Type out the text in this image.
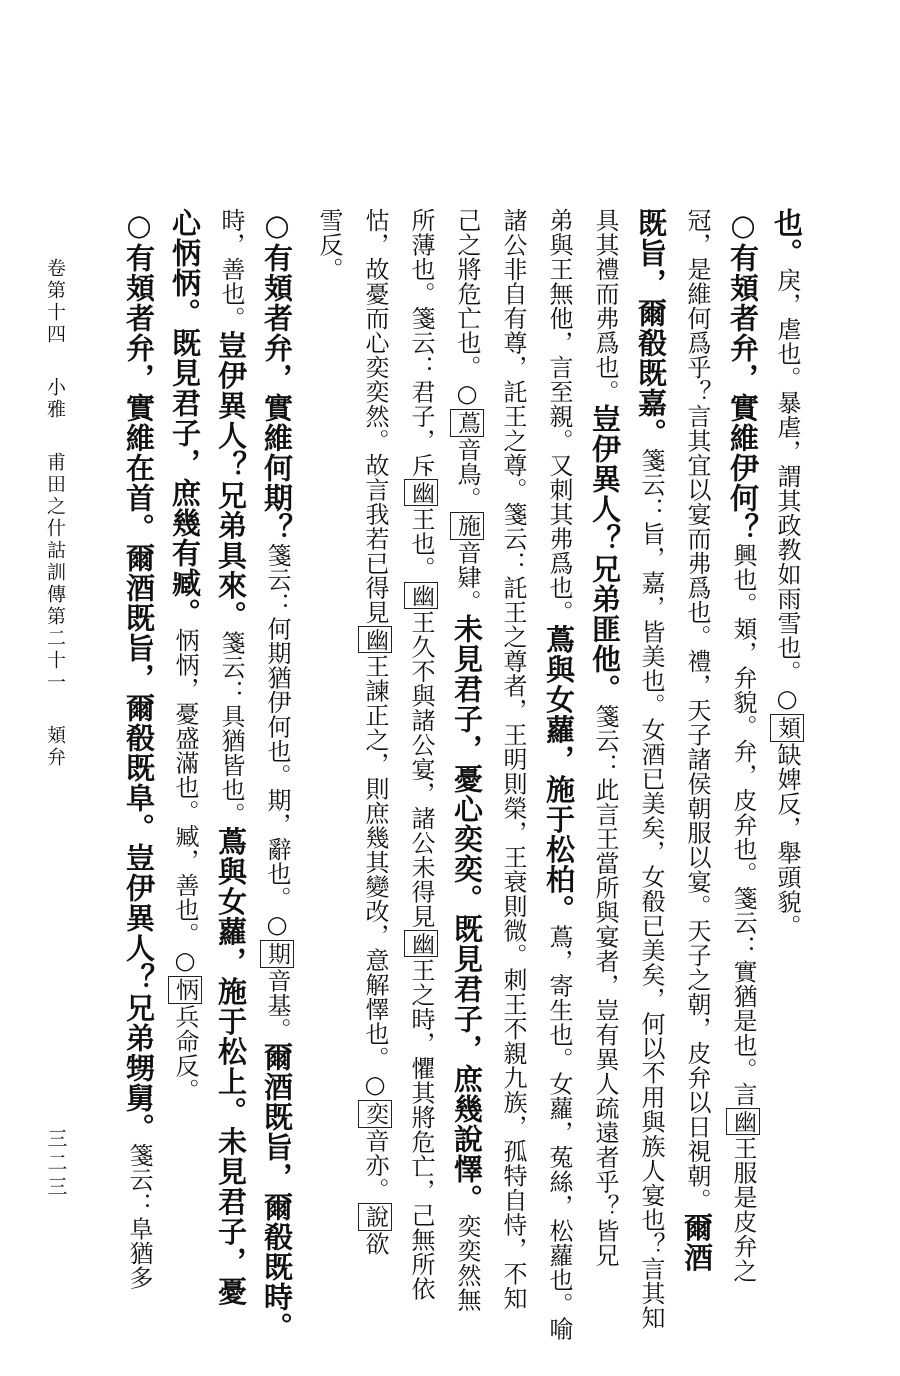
也。戾，虐也。暴虐，謂其政教如雨雪也。○頍缺婢反，舉頭貌。
○有頍者弁，實維伊何？興也。頍，弁貌。弁，皮弁也。箋云：實猶是也。言幽王服是皮弁之
冠，是維何爲乎？言其宜以宴而弗爲也。禮，天子諸侯朝服以宴。天子之朝，皮弁以日視朝。爾酒
既旨，爾殽既嘉。箋云：旨，嘉，皆美也。女酒已美矣，女殽已美矣，何以不用與族人宴也？言其知
具其禮而弗爲也。豈伊異人？兄弟匪他。箋云：此言王當所與宴者，豈有異人疏遠者乎？皆兄
弟與王無他，言至親。又刺其弗爲也。蔦與女蘿，施于松柏。蔦，寄生也。女蘿，菟絲，松蘿也。喻
諸公非自有尊，託王之尊。箋云：託王之尊者，王明則榮，王衰則微。刺王不親九族，孤特自恃，不知
己之將危亡也。○蔦音鳥。施音肄。未見君子，憂心奕奕。既見君子，庶幾說懌。奕奕然無
所薄也。箋云：君子，斥幽王也。幽王久不與諸公宴，諸公未得見幽王之時，懼其將危亡，己無所依
怙，故憂而心奕奕然。故言我若已得見幽王諫正之，則庶幾其變改，意解懌也。○奕音亦。說欲
雪反。
○有頍者弁，實維何期？箋云：何期猶伊何也。期，辭也。○期音基。爾酒既旨，爾殽既時。
時，善也。豈伊異人？兄弟具來。箋云：具猶皆也。蔦與女蘿，施于松上。未見君子，憂
心怲怲。既見君子，庶幾有臧。怲怲，憂盛滿也。臧，善也。○怲兵命反。
○有頍者弁，實維在首。爾酒既旨，爾殽既阜。豈伊異人？兄弟甥舅。箋云：阜猶多
卷第十四 小雅 甫田之什詁訓傳第二十一 頍弁
三二三
